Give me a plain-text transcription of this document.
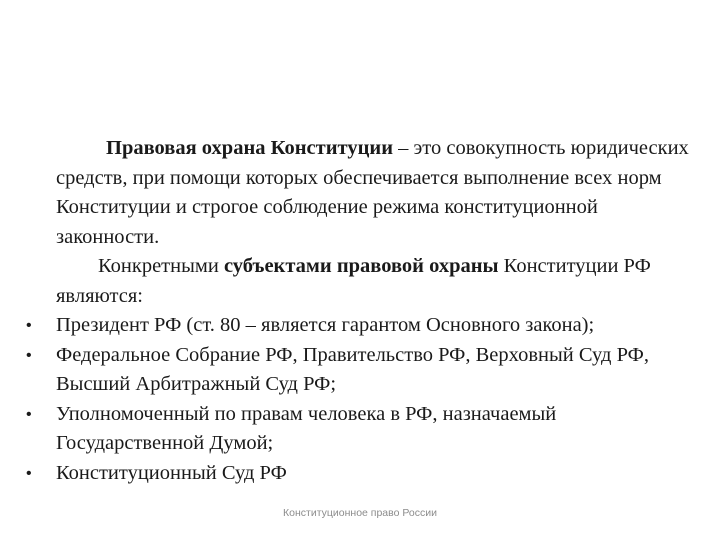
Правовая охрана Конституции – это совокупность юридических средств, при помощи которых обеспечивается выполнение всех норм Конституции и строгое соблюдение режима конституционной законности.

Конкретными субъектами правовой охраны Конституции РФ являются:

• Президент РФ (ст. 80 – является гарантом Основного закона);
• Федеральное Собрание РФ, Правительство РФ, Верховный Суд РФ, Высший Арбитражный Суд РФ;
• Уполномоченный по правам человека в РФ, назначаемый Государственной Думой;
• Конституционный Суд РФ
Конституционное право России
